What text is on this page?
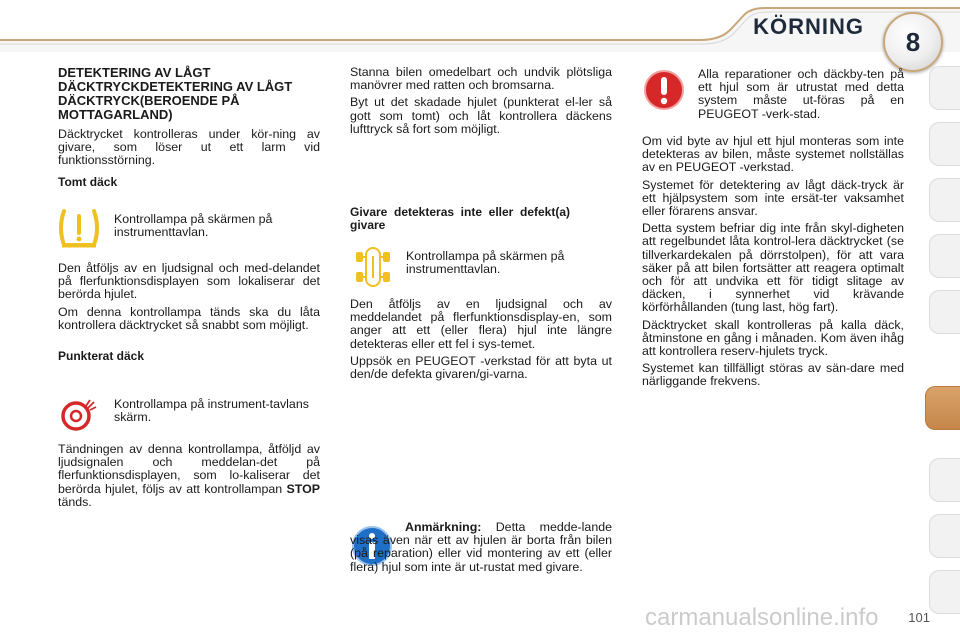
KÖRNING	8
DETEKTERING AV LÅGT DÄCKTRYCKDETEKTERING AV LÅGT DÄCKTRYCK(BEROENDE PÅ MOTTAGARLAND)

Däcktrycket kontrolleras under kör-ning av givare, som löser ut ett larm vid funktionsstörning.

Tomt däck

Kontrollampa på skärmen på instrumenttavlan.

Den åtföljs av en ljudsignal och med-delandet på flerfunktionsdisplayen som lokaliserar det berörda hjulet.

Om denna kontrollampa tänds ska du låta kontrollera däcktrycket så snabbt som möjligt.

Punkterat däck

Kontrollampa på instrument-tavlans skärm.

Tändningen av denna kontrollampa, åtföljd av ljudsignalen och meddelan-det på flerfunktionsdisplayen, som lo-kaliserar det berörda hjulet, följs av att kontrollampan STOP tänds.

Stanna bilen omedelbart och undvik plötsliga manövrer med ratten och bromsarna.

Byt ut det skadade hjulet (punkterat el-ler så gott som tomt) och låt kontrollera däckens lufttryck så fort som möjligt.

Givare detekteras inte eller defekt(a) givare

Kontrollampa på skärmen på instrumenttavlan.

Den åtföljs av en ljudsignal och av meddelandet på flerfunktionsdisplay-en, som anger att ett (eller flera) hjul inte längre detekteras eller ett fel i sys-temet.

Uppsök en PEUGEOT -verkstad för att byta ut den/de defekta givaren/gi-varna.

Anmärkning: Detta medde-lande visas även när ett av hjulen är borta från bilen (på reparation) eller vid montering av ett (eller flera) hjul som inte är ut-rustat med givare.

Alla reparationer och däckby-ten på ett hjul som är utrustat med detta system måste ut-föras på en PEUGEOT -verk-stad.

Om vid byte av hjul ett hjul monteras som inte detekteras av bilen, måste systemet nollställas av en PEUGEOT -verkstad.

Systemet för detektering av lågt däck-tryck är ett hjälpsystem som inte ersät-ter vaksamhet eller förarens ansvar.

Detta system befriar dig inte från skyl-digheten att regelbundet låta kontrol-lera däcktrycket (se tillverkardekalen på dörrstolpen), för att vara säker på att bilen fortsätter att reagera optimalt och för att undvika ett för tidigt slitage av däcken, i synnerhet vid krävande körförhållanden (tung last, hög fart).

Däcktrycket skall kontrolleras på kalla däck, åtminstone en gång i månaden. Kom även ihåg att kontrollera reserv-hjulets tryck.

Systemet kan tillfälligt störas av sän-dare med närliggande frekvens.

carmanualsonline.info 101
